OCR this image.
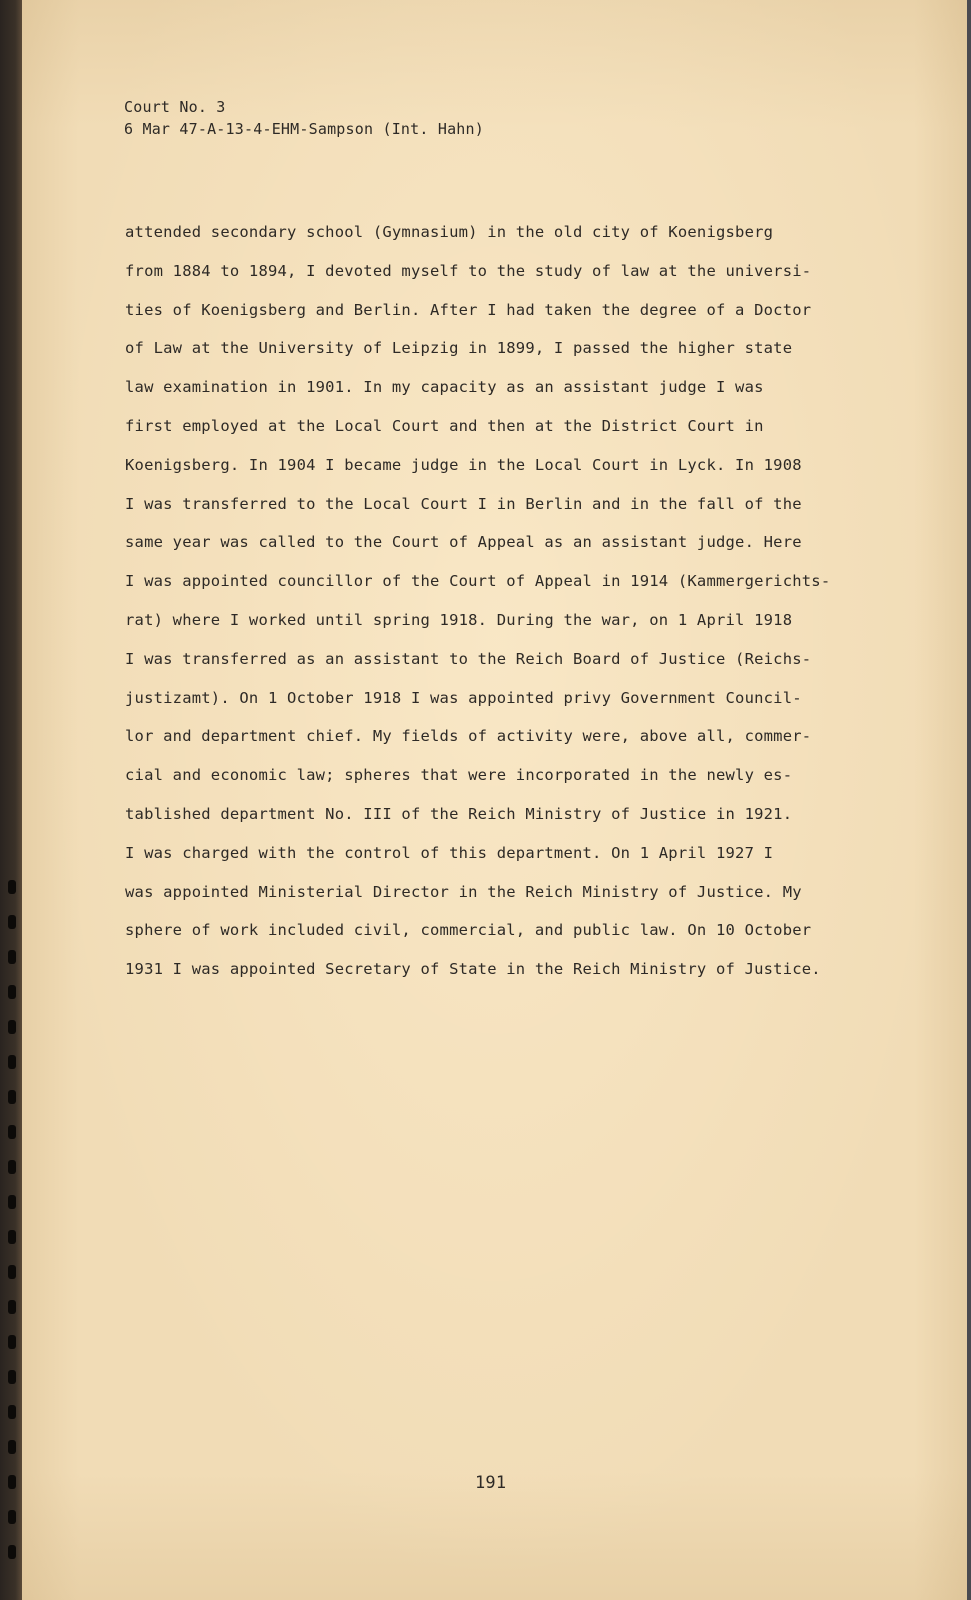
Court No. 3
6 Mar 47-A-13-4-EHM-Sampson (Int. Hahn)
attended secondary school (Gymnasium) in the old city of Koenigsberg
from 1884 to 1894, I devoted myself to the study of law at the universi-
ties of Koenigsberg and Berlin. After I had taken the degree of a Doctor
of Law at the University of Leipzig in 1899, I passed the higher state
law examination in 1901. In my capacity as an assistant judge I was
first employed at the Local Court and then at the District Court in
Koenigsberg. In 1904 I became judge in the Local Court in Lyck. In 1908
I was transferred to the Local Court I in Berlin and in the fall of the
same year was called to the Court of Appeal as an assistant judge. Here
I was appointed councillor of the Court of Appeal in 1914 (Kammergerichts-
rat) where I worked until spring 1918. During the war, on 1 April 1918
I was transferred as an assistant to the Reich Board of Justice (Reichs-
justizamt). On 1 October 1918 I was appointed privy Government Council-
lor and department chief. My fields of activity were, above all, commer-
cial and economic law; spheres that were incorporated in the newly es-
tablished department No. III of the Reich Ministry of Justice in 1921.
I was charged with the control of this department. On 1 April 1927 I
was appointed Ministerial Director in the Reich Ministry of Justice. My
sphere of work included civil, commercial, and public law. On 10 October
1931 I was appointed Secretary of State in the Reich Ministry of Justice.
191
